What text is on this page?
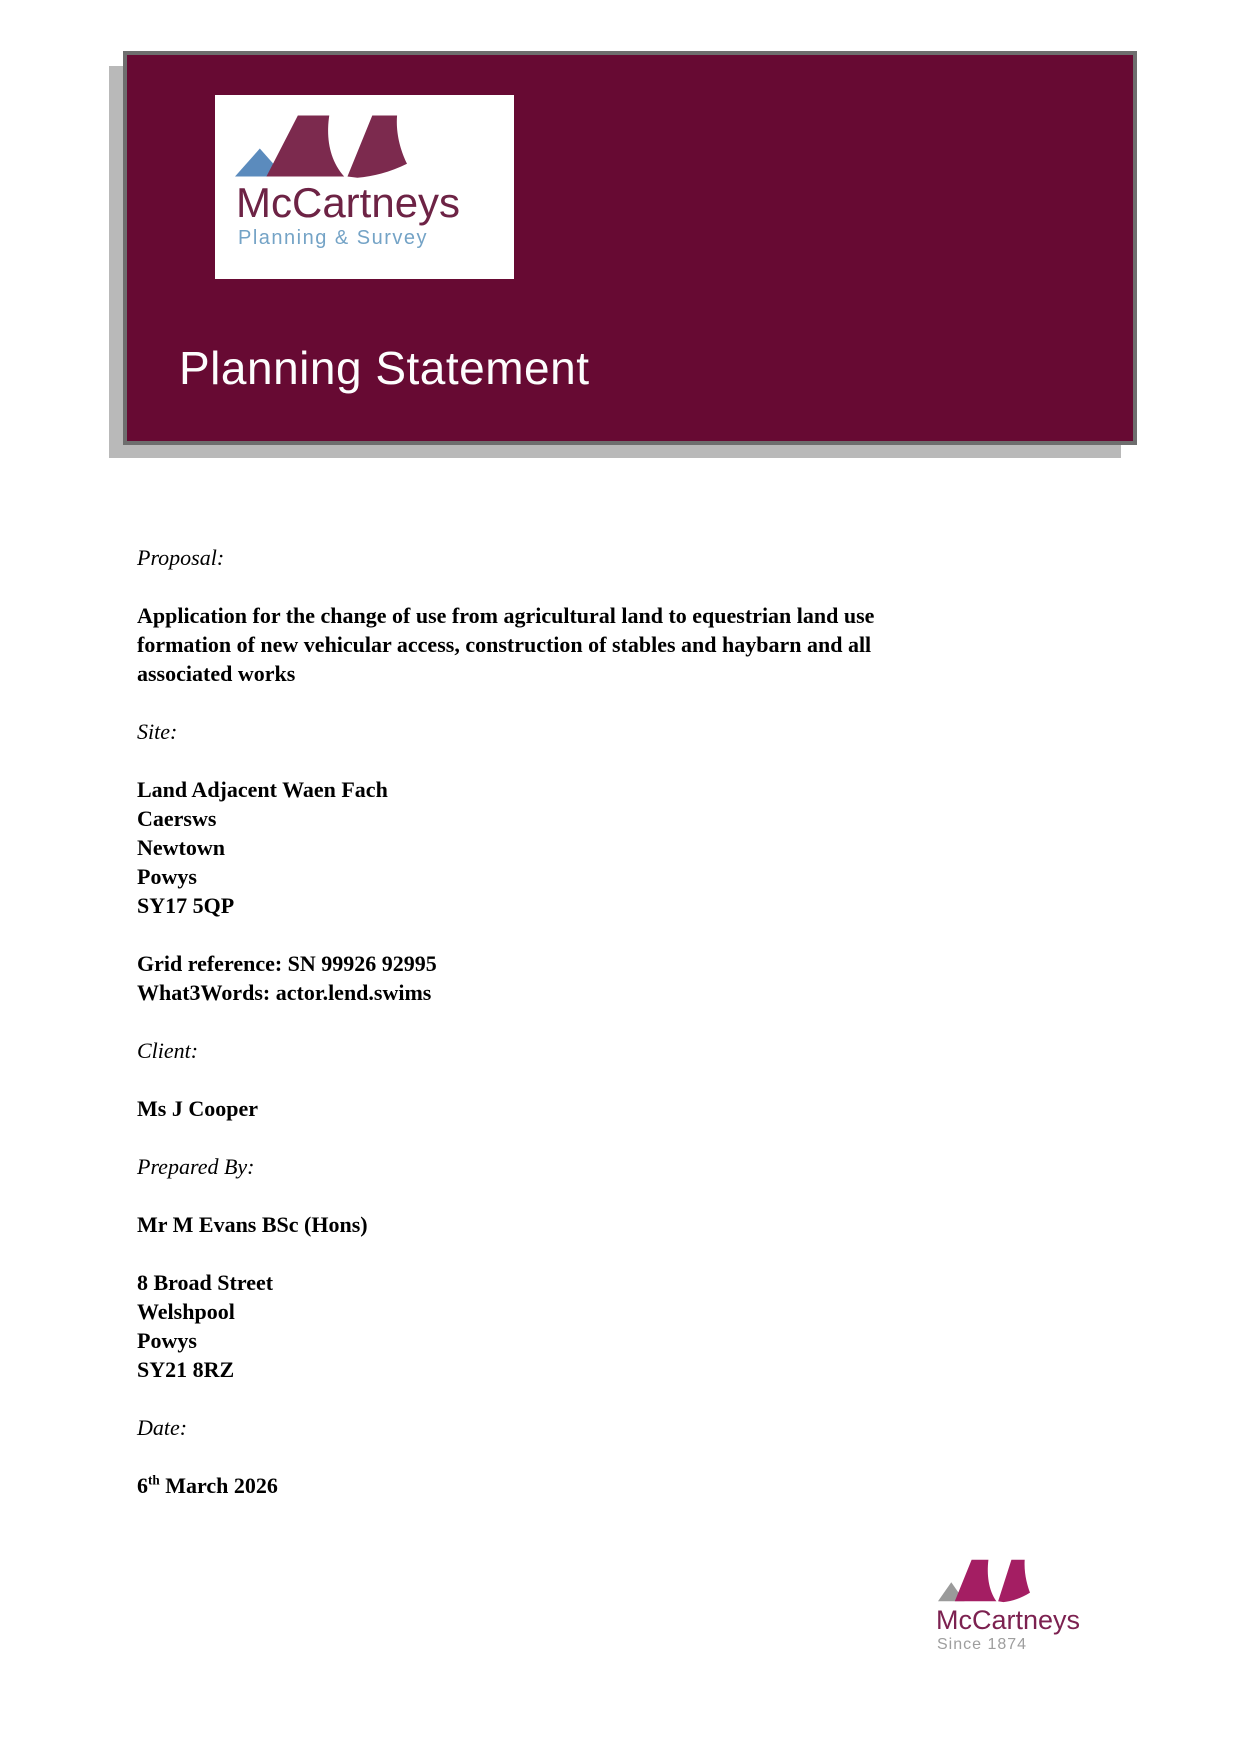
McCartneys
Planning & Survey
Planning Statement

Proposal:

Application for the change of use from agricultural land to equestrian land use
formation of new vehicular access, construction of stables and haybarn and all
associated works

Site:

Land Adjacent Waen Fach
Caersws
Newtown
Powys
SY17 5QP

Grid reference: SN 99926 92995
What3Words: actor.lend.swims

Client:

Ms J Cooper

Prepared By:

Mr M Evans BSc (Hons)

8 Broad Street
Welshpool
Powys
SY21 8RZ

Date:

6th March 2026

McCartneys
Since 1874
